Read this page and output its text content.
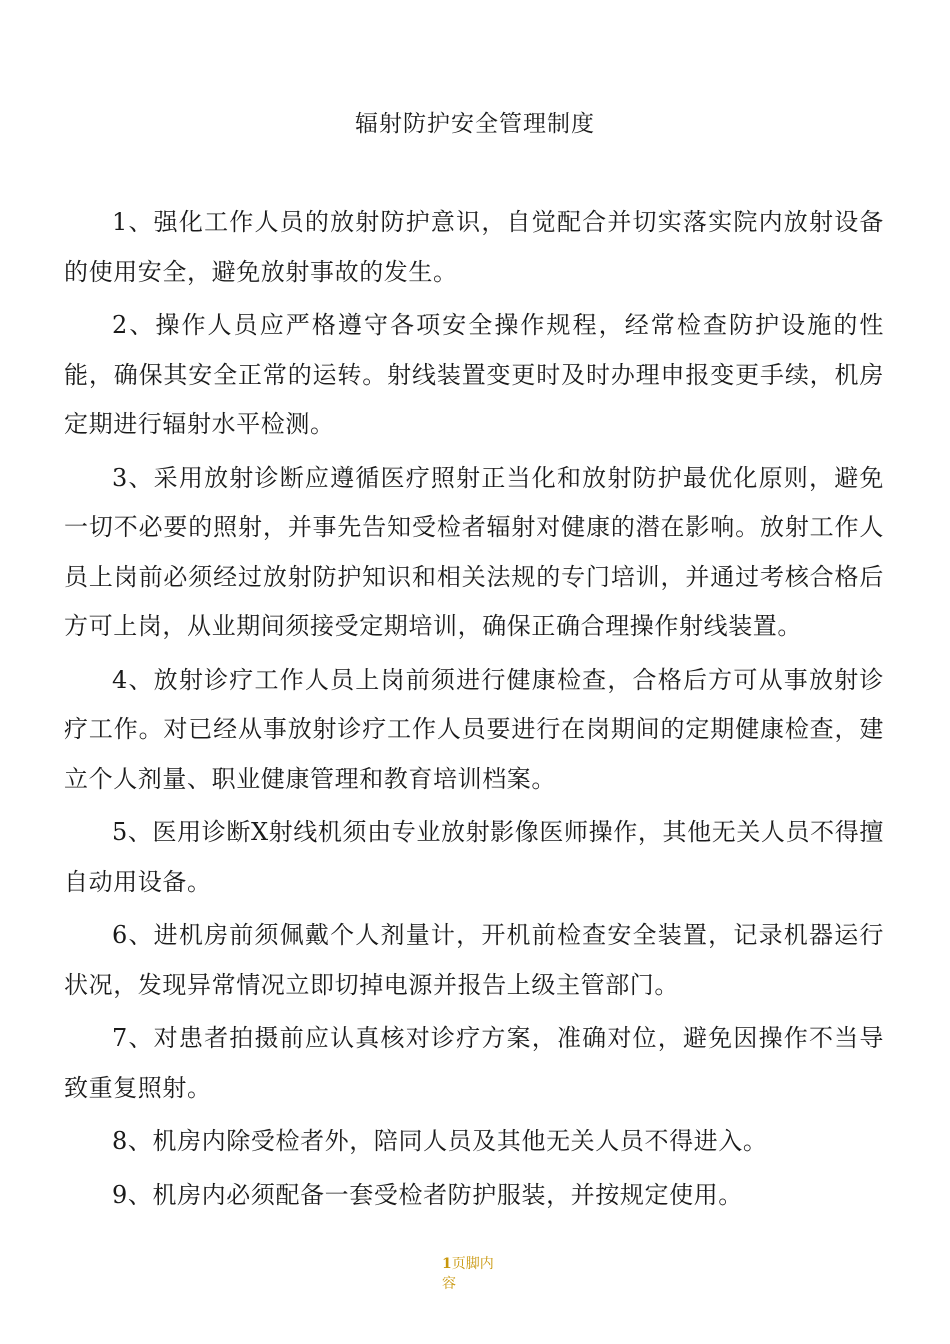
辐射防护安全管理制度

1、强化工作人员的放射防护意识，自觉配合并切实落实院内放射设备的使用安全，避免放射事故的发生。

2、操作人员应严格遵守各项安全操作规程，经常检查防护设施的性能，确保其安全正常的运转。射线装置变更时及时办理申报变更手续，机房定期进行辐射水平检测。

3、采用放射诊断应遵循医疗照射正当化和放射防护最优化原则，避免一切不必要的照射，并事先告知受检者辐射对健康的潜在影响。放射工作人员上岗前必须经过放射防护知识和相关法规的专门培训，并通过考核合格后方可上岗，从业期间须接受定期培训，确保正确合理操作射线装置。

4、放射诊疗工作人员上岗前须进行健康检查，合格后方可从事放射诊疗工作。对已经从事放射诊疗工作人员要进行在岗期间的定期健康检查，建立个人剂量、职业健康管理和教育培训档案。

5、医用诊断X射线机须由专业放射影像医师操作，其他无关人员不得擅自动用设备。

6、进机房前须佩戴个人剂量计，开机前检查安全装置，记录机器运行状况，发现异常情况立即切掉电源并报告上级主管部门。

7、对患者拍摄前应认真核对诊疗方案，准确对位，避免因操作不当导致重复照射。

8、机房内除受检者外，陪同人员及其他无关人员不得进入。

9、机房内必须配备一套受检者防护服装，并按规定使用。

1页脚内容
